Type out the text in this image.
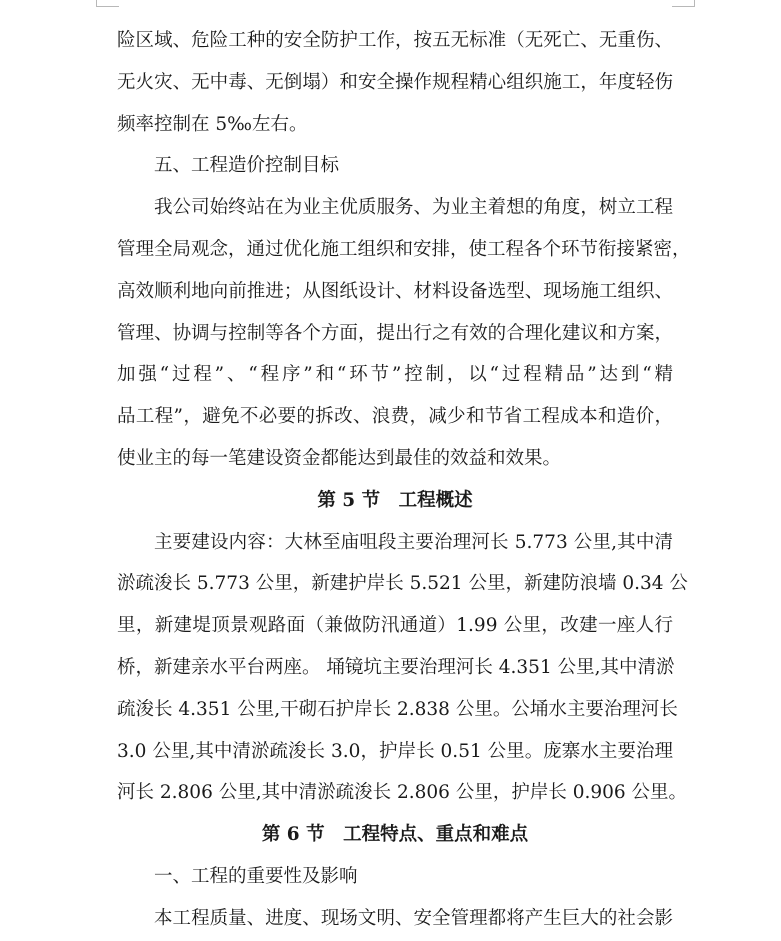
险区域、危险工种的安全防护工作，按五无标准（无死亡、无重伤、
无火灾、无中毒、无倒塌）和安全操作规程精心组织施工，年度轻伤
频率控制在 5‰左右。
五、工程造价控制目标
我公司始终站在为业主优质服务、为业主着想的角度，树立工程
管理全局观念，通过优化施工组织和安排，使工程各个环节衔接紧密，
高效顺利地向前推进；从图纸设计、材料设备选型、现场施工组织、
管理、协调与控制等各个方面，提出行之有效的合理化建议和方案，
加强“过程”、“程序”和“环节”控制，以“过程精品”达到“精
品工程”，避免不必要的拆改、浪费，减少和节省工程成本和造价，
使业主的每一笔建设资金都能达到最佳的效益和效果。
第 5 节　工程概述
主要建设内容：大林至庙咀段主要治理河长 5.773 公里,其中清
淤疏浚长 5.773 公里，新建护岸长 5.521 公里，新建防浪墙 0.34 公
里，新建堤顶景观路面（兼做防汛通道）1.99 公里，改建一座人行
桥，新建亲水平台两座。 埇镜坑主要治理河长 4.351 公里,其中清淤
疏浚长 4.351 公里,干砌石护岸长 2.838 公里。公埇水主要治理河长
3.0 公里,其中清淤疏浚长 3.0，护岸长 0.51 公里。庞寨水主要治理
河长 2.806 公里,其中清淤疏浚长 2.806 公里，护岸长 0.906 公里。
第 6 节　工程特点、重点和难点
一、工程的重要性及影响
本工程质量、进度、现场文明、安全管理都将产生巨大的社会影
